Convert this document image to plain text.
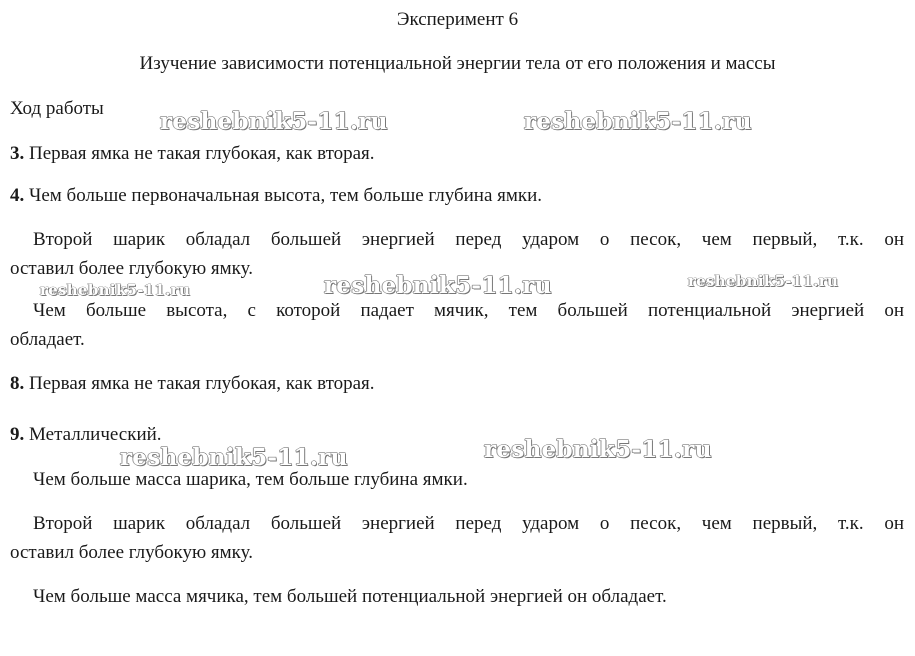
Эксперимент 6
Изучение зависимости потенциальной энергии тела от его положения и массы
Ход работы
3. Первая ямка не такая глубокая, как вторая.
4. Чем больше первоначальная высота, тем больше глубина ямки.
Второй шарик обладал большей энергией перед ударом о песок, чем первый, т.к. он
оставил более глубокую ямку.
Чем больше высота, с которой падает мячик, тем большей потенциальной энергией он
обладает.
8. Первая ямка не такая глубокая, как вторая.
9. Металлический.
Чем больше масса шарика, тем больше глубина ямки.
Второй шарик обладал большей энергией перед ударом о песок, чем первый, т.к. он
оставил более глубокую ямку.
Чем больше масса мячика, тем большей потенциальной энергией он обладает.
reshebnik5-11.ru	reshebnik5-11.ru
reshebnik5-11.ru
reshebnik5-11.ru	reshebnik5-11.ru
reshebnik5-11.ru	reshebnik5-11.ru
